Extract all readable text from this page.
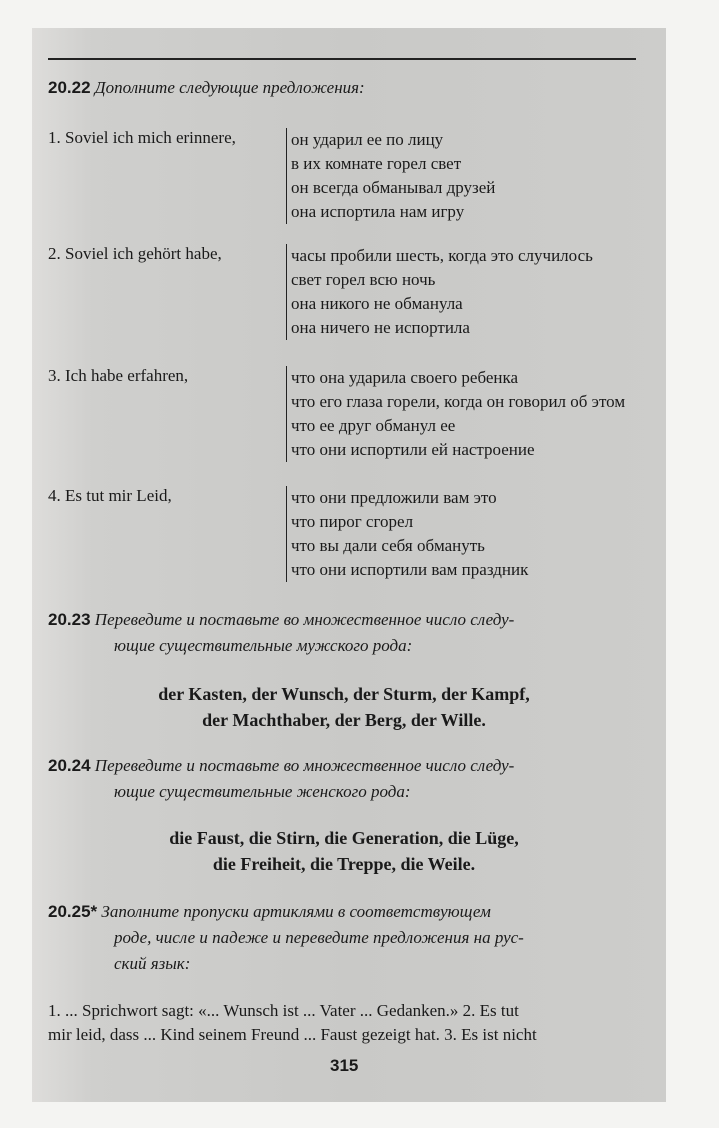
20.22 Дополните следующие предложения:
1. Soviel ich mich erinnere,	он ударил ее по лицу
в их комнате горел свет
он всегда обманывал друзей
она испортила нам игру
2. Soviel ich gehört habe,	часы пробили шесть, когда это случилось
свет горел всю ночь
она никого не обманула
она ничего не испортила
3. Ich habe erfahren,	что она ударила своего ребенка
что его глаза горели, когда он говорил об этом
что ее друг обманул ее
что они испортили ей настроение
4. Es tut mir Leid,	что они предложили вам это
что пирог сгорел
что вы дали себя обмануть
что они испортили вам праздник
20.23 Переведите и поставьте во множественное число следу-
ющие существительные мужского рода:
der Kasten, der Wunsch, der Sturm, der Kampf,
der Machthaber, der Berg, der Wille.
20.24 Переведите и поставьте во множественное число следу-
ющие существительные женского рода:
die Faust, die Stirn, die Generation, die Lüge,
die Freiheit, die Treppe, die Weile.
20.25* Заполните пропуски артиклями в соответствующем
роде, числе и падеже и переведите предложения на рус-
ский язык:
1. ... Sprichwort sagt: «... Wunsch ist ... Vater ... Gedanken.» 2. Es tut
mir leid, dass ... Kind seinem Freund ... Faust gezeigt hat. 3. Es ist nicht
315
